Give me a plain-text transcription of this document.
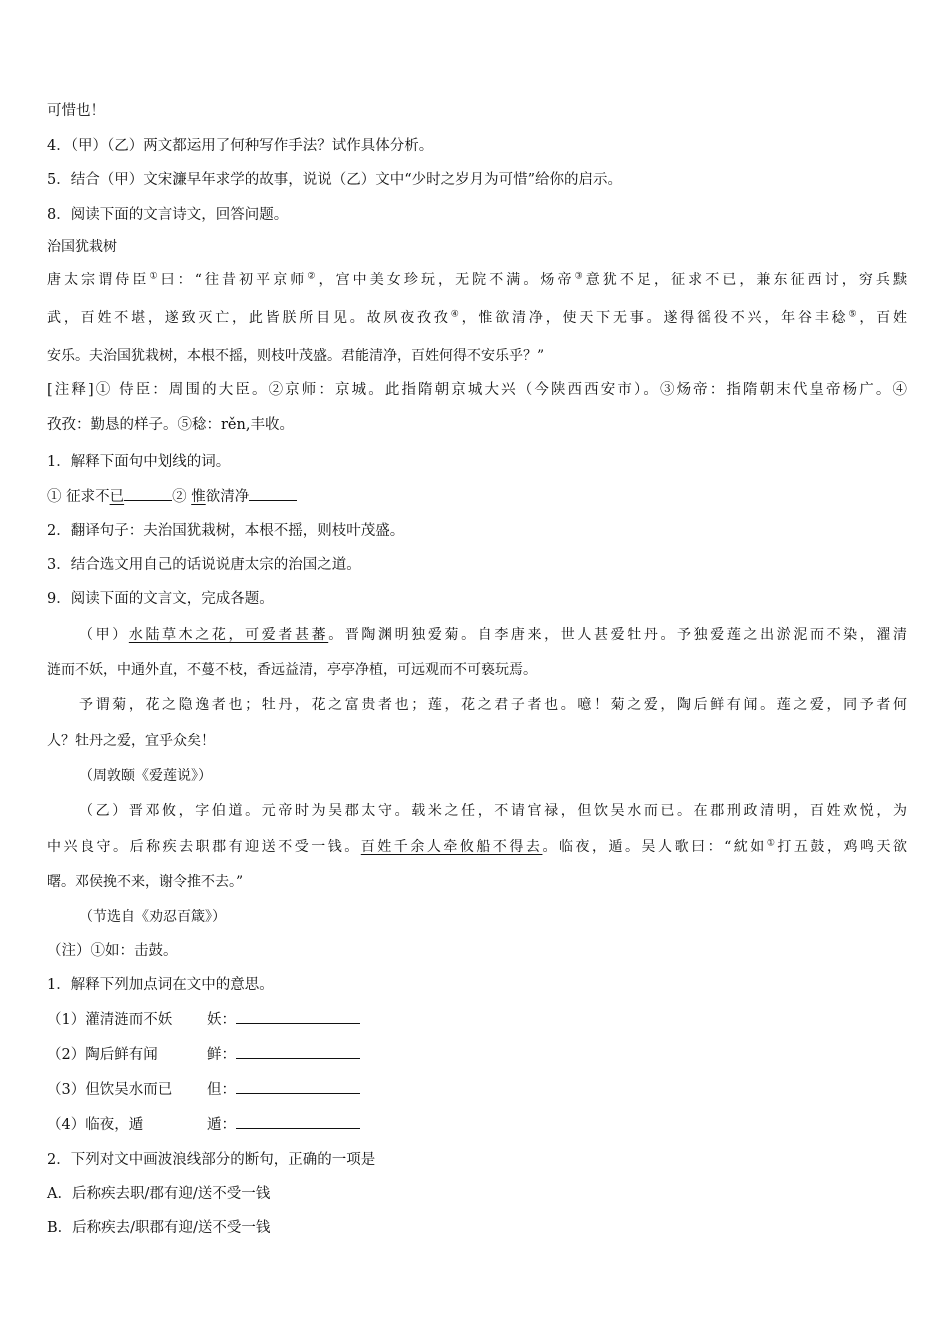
可惜也！
4．（甲）（乙）两文都运用了何种写作手法？试作具体分析。
5．结合（甲）文宋濂早年求学的故事，说说（乙）文中“少时之岁月为可惜”给你的启示。
8．阅读下面的文言诗文，回答问题。
治国犹栽树
唐太宗谓侍臣①曰：“往昔初平京师②，宫中美女珍玩，无院不满。炀帝③意犹不足，征求不已，兼东征西讨，穷兵黩
武，百姓不堪，遂致灭亡，此皆朕所目见。故夙夜孜孜④，惟欲清净，使天下无事。遂得徭役不兴，年谷丰稔⑤，百姓
安乐。夫治国犹栽树，本根不摇，则枝叶茂盛。君能清净，百姓何得不安乐乎？”
[注释]① 侍臣：周围的大臣。②京师：京城。此指隋朝京城大兴（今陕西西安市）。③炀帝：指隋朝末代皇帝杨广。④
孜孜：勤恳的样子。⑤稔：rěn,丰收。
1．解释下面句中划线的词。
① 征求不已	② 惟欲清净
2．翻译句子：夫治国犹栽树，本根不摇，则枝叶茂盛。
3．结合选文用自己的话说说唐太宗的治国之道。
9．阅读下面的文言文，完成各题。
（甲）水陆草木之花，可爱者甚蕃。晋陶渊明独爱菊。自李唐来，世人甚爱牡丹。予独爱莲之出淤泥而不染，濯清
涟而不妖，中通外直，不蔓不枝，香远益清，亭亭净植，可远观而不可亵玩焉。
予谓菊，花之隐逸者也；牡丹，花之富贵者也；莲，花之君子者也。噫！菊之爱，陶后鲜有闻。莲之爱，同予者何
人？牡丹之爱，宜乎众矣！
（周敦颐《爱莲说》）
（乙）晋邓攸，字伯道。元帝时为吴郡太守。载米之任，不请官禄，但饮吴水而已。在郡刑政清明，百姓欢悦，为
中兴良守。后称疾去职郡有迎送不受一钱。百姓千余人牵攸船不得去。临夜，遁。吴人歌曰：“紞如①打五鼓，鸡鸣天欲
曙。邓侯挽不来，谢令推不去。”
（节选自《劝忍百箴》）
（注）①如：击鼓。
1．解释下列加点词在文中的意思。
（1）灌清涟而不妖 妖：
（2）陶后鲜有闻	鲜：
（3）但饮吴水而已 但：
（4）临夜，遁	遁：
2．下列对文中画波浪线部分的断句，正确的一项是
A．后称疾去职/郡有迎/送不受一钱
B．后称疾去/职郡有迎/送不受一钱
